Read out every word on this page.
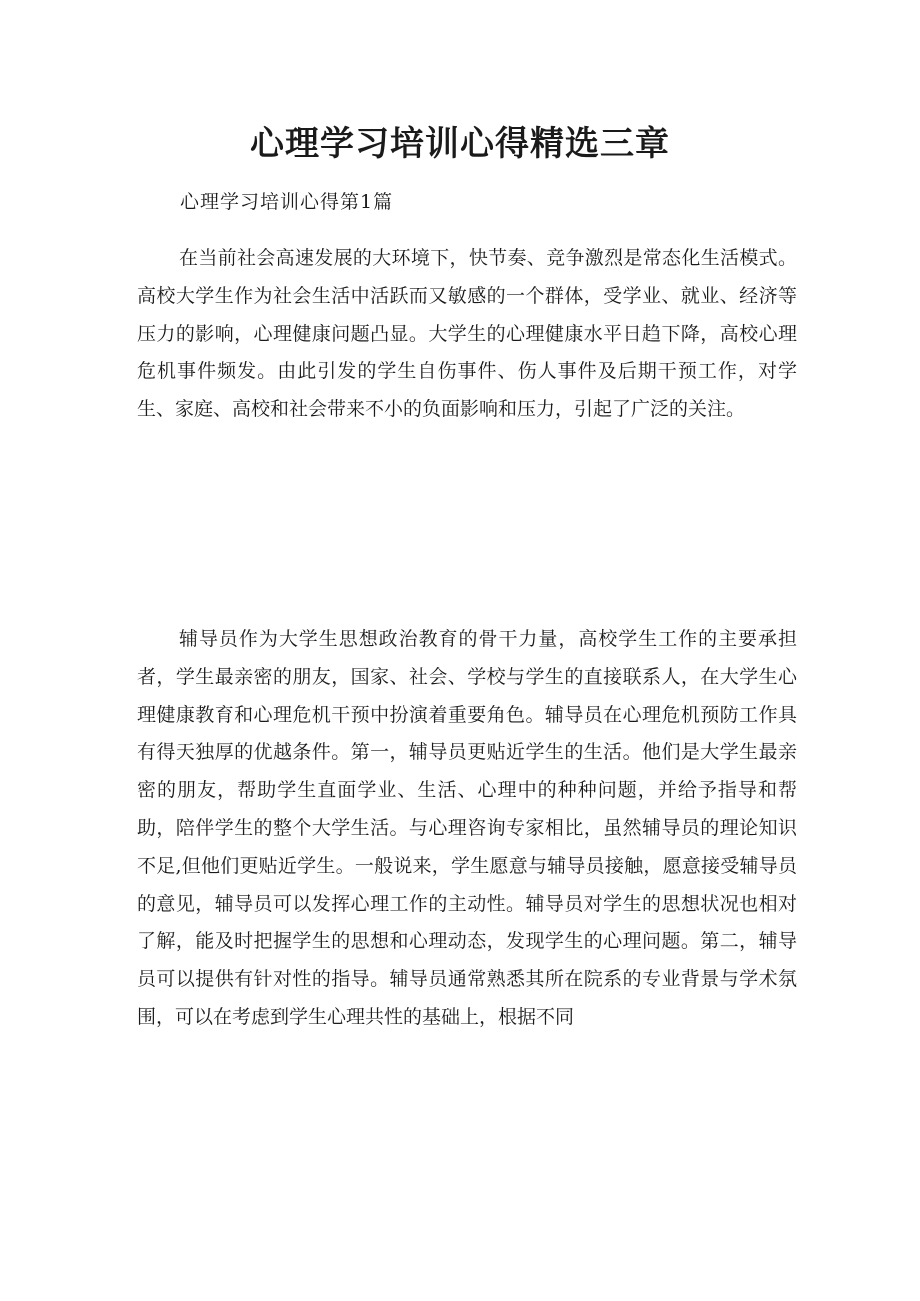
心理学习培训心得精选三章

心理学习培训心得第1篇

在当前社会高速发展的大环境下，快节奏、竞争激烈是常态化生活模式。高校大学生作为社会生活中活跃而又敏感的一个群体，受学业、就业、经济等压力的影响，心理健康问题凸显。大学生的心理健康水平日趋下降，高校心理危机事件频发。由此引发的学生自伤事件、伤人事件及后期干预工作，对学生、家庭、高校和社会带来不小的负面影响和压力，引起了广泛的关注。

辅导员作为大学生思想政治教育的骨干力量，高校学生工作的主要承担者，学生最亲密的朋友，国家、社会、学校与学生的直接联系人，在大学生心理健康教育和心理危机干预中扮演着重要角色。辅导员在心理危机预防工作具有得天独厚的优越条件。第一，辅导员更贴近学生的生活。他们是大学生最亲密的朋友，帮助学生直面学业、生活、心理中的种种问题，并给予指导和帮助，陪伴学生的整个大学生活。与心理咨询专家相比，虽然辅导员的理论知识不足,但他们更贴近学生。一般说来，学生愿意与辅导员接触，愿意接受辅导员的意见，辅导员可以发挥心理工作的主动性。辅导员对学生的思想状况也相对了解，能及时把握学生的思想和心理动态，发现学生的心理问题。第二，辅导员可以提供有针对性的指导。辅导员通常熟悉其所在院系的专业背景与学术氛围，可以在考虑到学生心理共性的基础上，根据不同
